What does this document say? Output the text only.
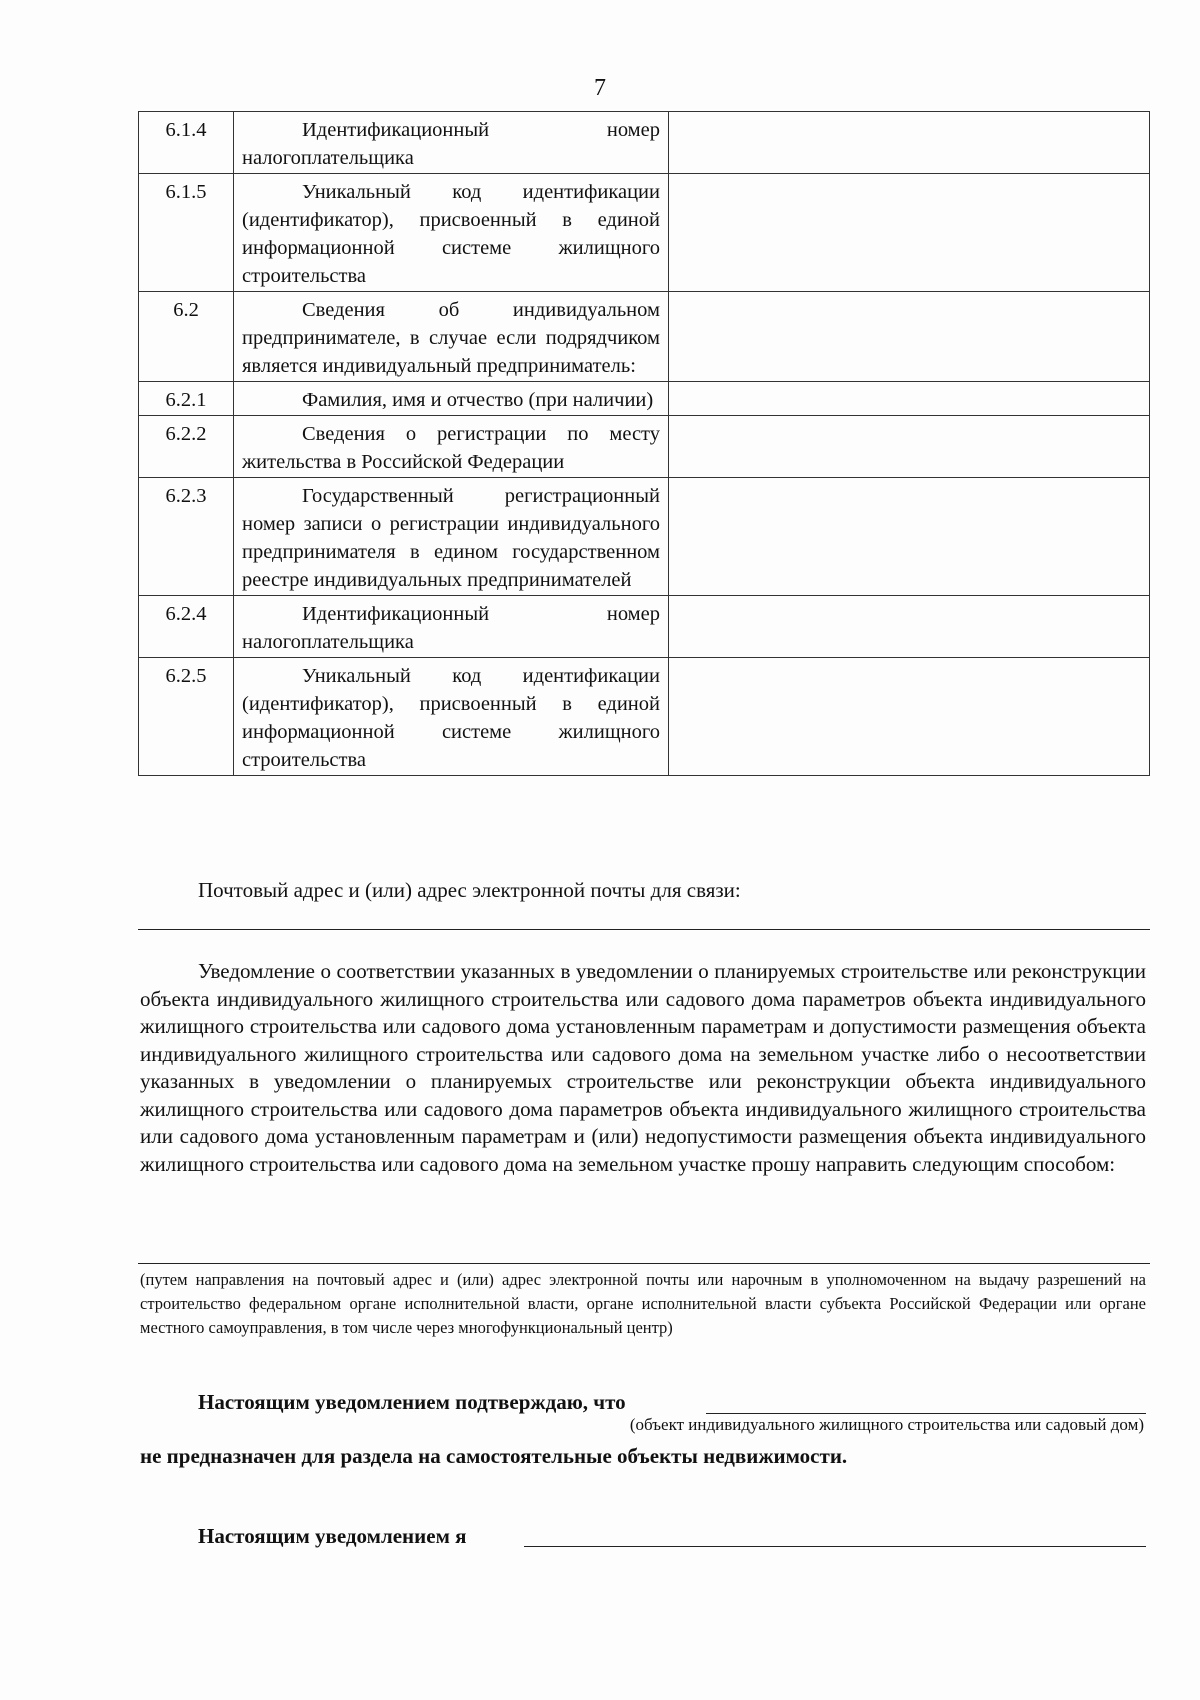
7
6.1.4	Идентификационный номер налогоплательщика	

6.1.5	Уникальный код идентификации (идентификатор), присвоенный в единой информационной системе жилищного строительства	

6.2	Сведения об индивидуальном предпринимателе, в случае если подрядчиком является индивидуальный предприниматель:	

6.2.1	Фамилия, имя и отчество (при наличии)	

6.2.2	Сведения о регистрации по месту жительства в Российской Федерации	

6.2.3	Государственный регистрационный номер записи о регистрации индивидуального предпринимателя в едином государственном реестре индивидуальных предпринимателей	

6.2.4	Идентификационный номер налогоплательщика	

6.2.5	Уникальный код идентификации (идентификатор), присвоенный в единой информационной системе жилищного строительства	

Почтовый адрес и (или) адрес электронной почты для связи:

Уведомление о соответствии указанных в уведомлении о планируемых строительстве или реконструкции объекта индивидуального жилищного строительства или садового дома параметров объекта индивидуального жилищного строительства или садового дома установленным параметрам и допустимости размещения объекта индивидуального жилищного строительства или садового дома на земельном участке либо о несоответствии указанных в уведомлении о планируемых строительстве или реконструкции объекта индивидуального жилищного строительства или садового дома параметров объекта индивидуального жилищного строительства или садового дома установленным параметрам и (или) недопустимости размещения объекта индивидуального жилищного строительства или садового дома на земельном участке прошу направить следующим способом:

(путем направления на почтовый адрес и (или) адрес электронной почты или нарочным в уполномоченном на выдачу разрешений на строительство федеральном органе исполнительной власти, органе исполнительной власти субъекта Российской Федерации или органе местного самоуправления, в том числе через многофункциональный центр)

Настоящим уведомлением подтверждаю, что
(объект индивидуального жилищного строительства или садовый дом)
не предназначен для раздела на самостоятельные объекты недвижимости.
Настоящим уведомлением я
